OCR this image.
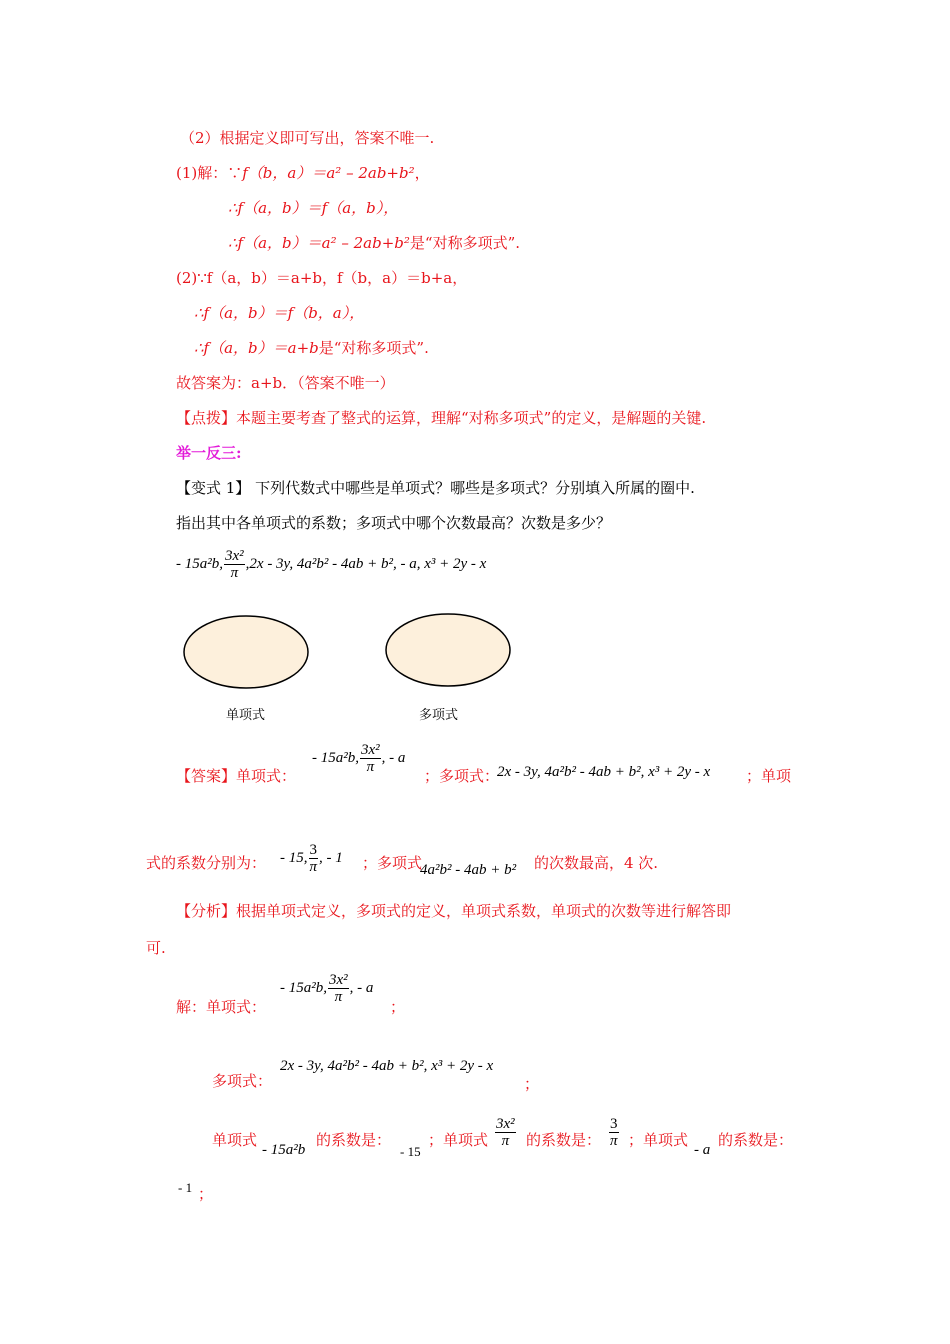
（2）根据定义即可写出，答案不唯一.
(1)解：∵f（b，a）＝a² – 2ab+b²，
∴f（a，b）＝f（a，b），
∴f（a，b）＝a² – 2ab+b²是“对称多项式”.
(2)∵f（a，b）＝a+b，f（b，a）＝b+a，
∴f（a，b）＝f（b，a），
∴f（a，b）＝a+b是“对称多项式”.
故答案为：a+b．（答案不唯一）
【点拨】本题主要考查了整式的运算，理解“对称多项式”的定义，是解题的关键.
举一反三:
【变式 1】 下列代数式中哪些是单项式？哪些是多项式？分别填入所属的圈中.
指出其中各单项式的系数；多项式中哪个次数最高？次数是多少？
- 15a²b, $\frac{\text{3x²}}{\pi} ,2x - 3y$, 4a²b² - 4ab + b², - a, x³ + 2y - x
单项式	多项式
【答案】单项式：
- 15a²b, $\frac{\text{3x²}}{\pi}$ , - a
；多项式：
2x - 3y, 4a²b² - 4ab + b², x³ + 2y - x ；单项
式的系数分别为： - 15, $\frac{3}{\pi}$ , - 1 ；多项式
4a²b² - 4ab + b² 的次数最高，4 次.
【分析】根据单项式定义，多项式的定义，单项式系数，单项式的次数等进行解答即
可.
解：单项式：
- 15a²b, $\frac{\text{3x²}}{\pi}$ , - a
；
多项式：
2x - 3y, 4a²b² - 4ab + b², x³ + 2y - x
；
单项式
- 15a²b
的系数是：
- 15
；单项式 $\frac{\text{3x²}}{\pi}$ 的系数是： $\frac{3}{\pi}$ ；单项式
- a
的系数是：
- 1 ；
